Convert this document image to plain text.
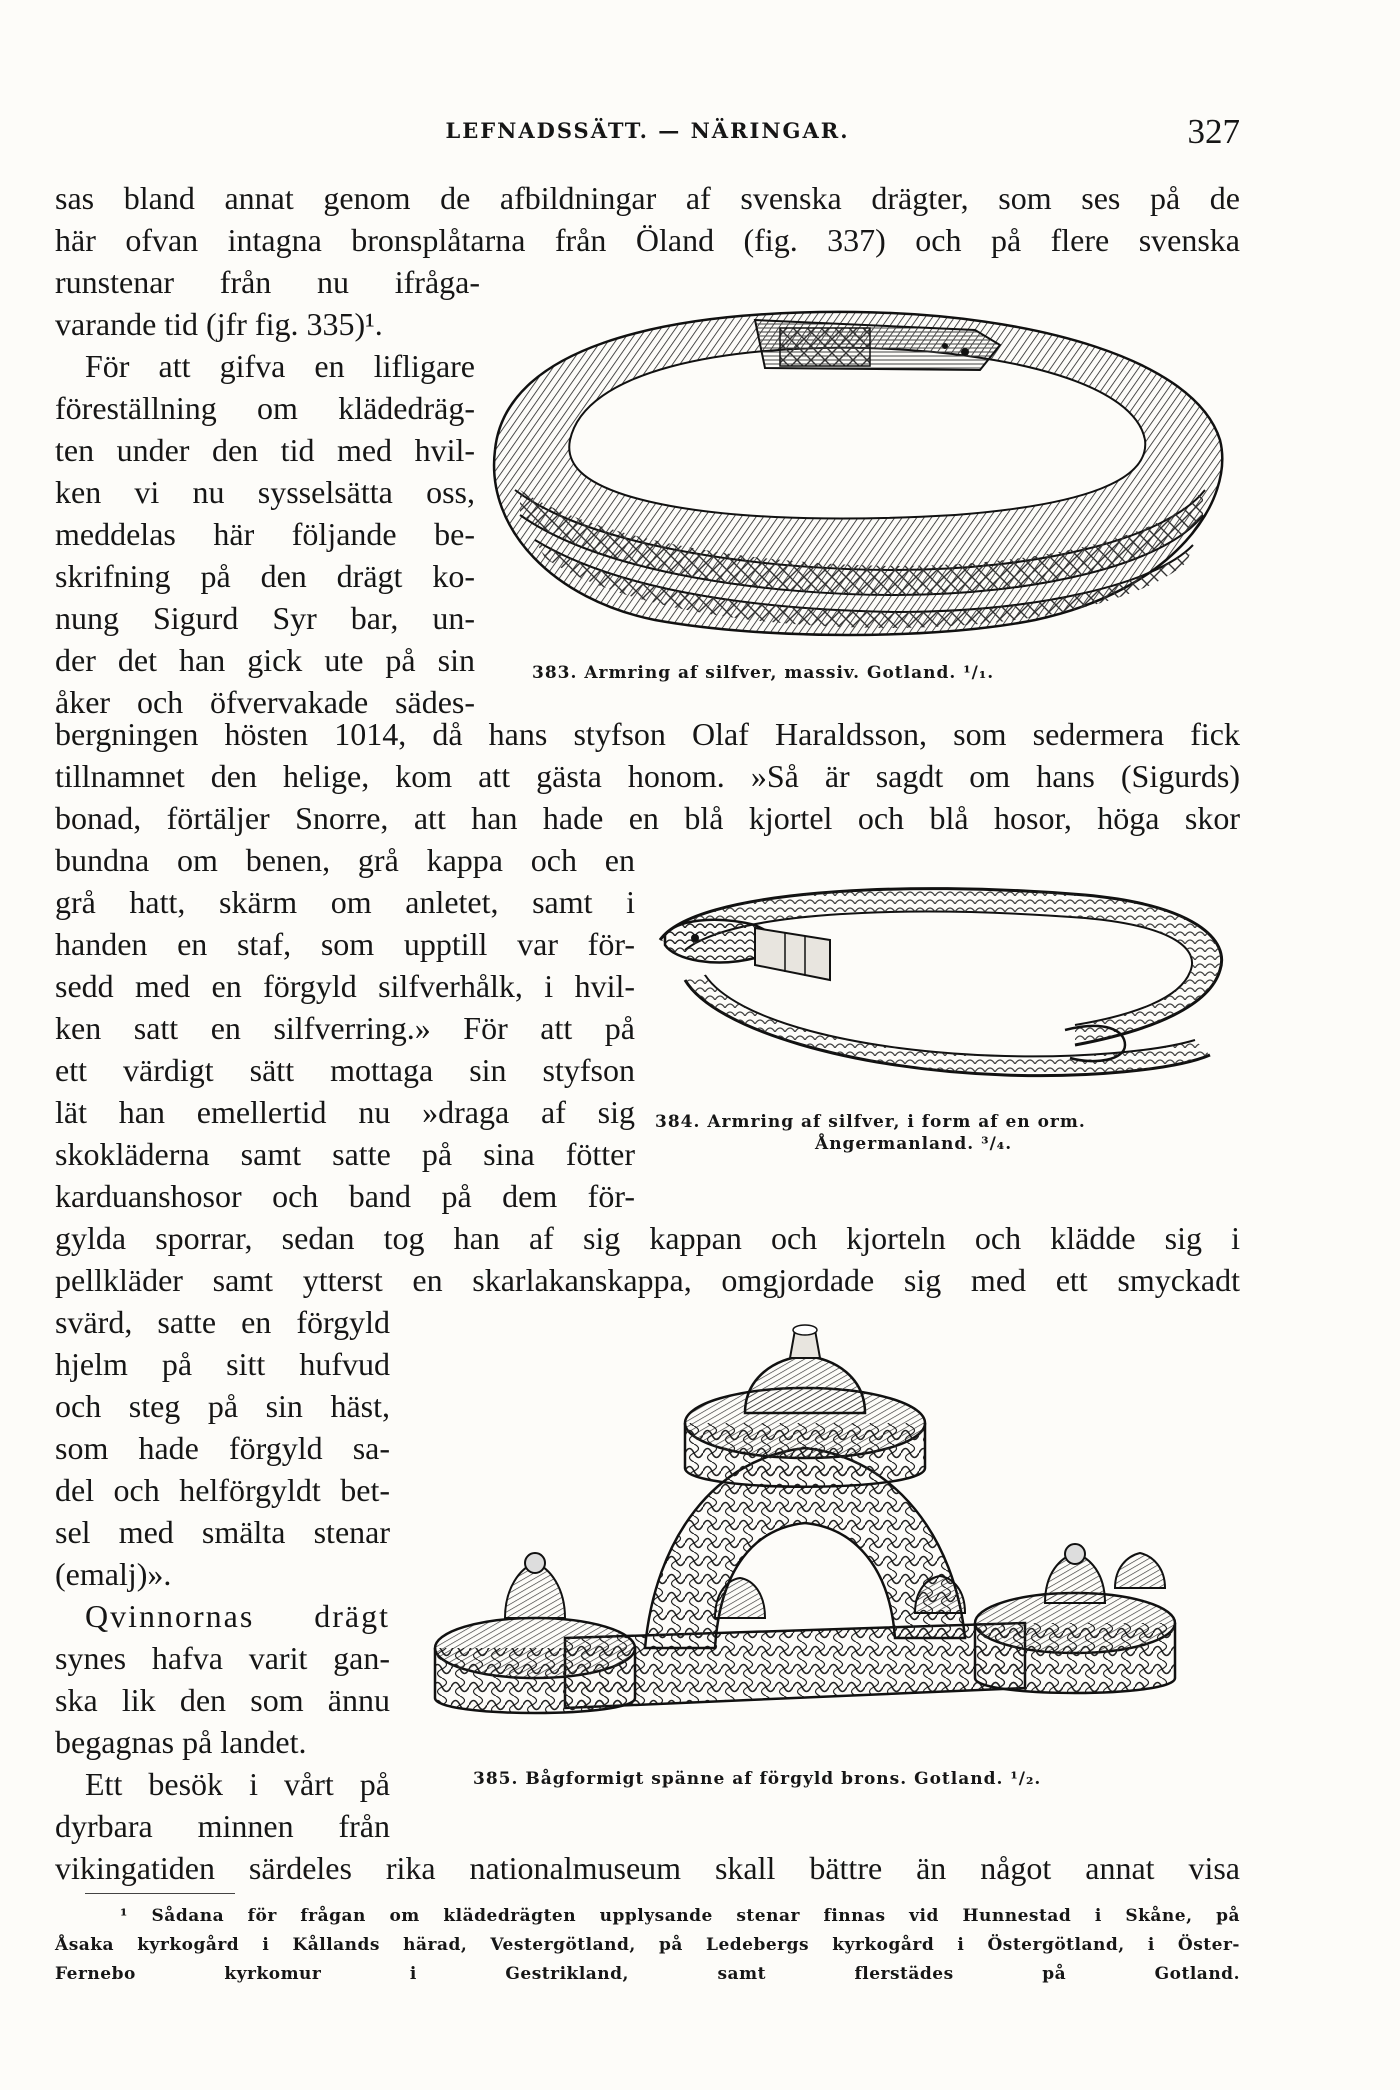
LEFNADSSÄTT. — NÄRINGAR.	327
sas bland annat genom de afbildningar af svenska drägter, som ses på de
här ofvan intagna bronsplåtarna från Öland (fig. 337) och på flere svenska
runstenar från nu ifråga-
varande tid (jfr fig. 335)¹.
För att gifva en lifligare
föreställning om klädedräg-
ten under den tid med hvil-
ken vi nu sysselsätta oss,
meddelas här följande be-
skrifning på den drägt ko-
nung Sigurd Syr bar, un-
der det han gick ute på sin
åker och öfvervakade sädes-
bergningen hösten 1014, då hans styfson Olaf Haraldsson, som sedermera fick
tillnamnet den helige, kom att gästa honom. »Så är sagdt om hans (Sigurds)
bonad, förtäljer Snorre, att han hade en blå kjortel och blå hosor, höga skor
bundna om benen, grå kappa och en
grå hatt, skärm om anletet, samt i
handen en staf, som upptill var för-
sedd med en förgyld silfverhålk, i hvil-
ken satt en silfverring.» För att på
ett värdigt sätt mottaga sin styfson
lät han emellertid nu »draga af sig
skokläderna samt satte på sina fötter
karduanshosor och band på dem för-
gylda sporrar, sedan tog han af sig kappan och kjorteln och klädde sig i
pellkläder samt ytterst en skarlakanskappa, omgjordade sig med ett smyckadt
svärd, satte en förgyld
hjelm på sitt hufvud
och steg på sin häst,
som hade förgyld sa-
del och helförgyldt bet-
sel med smälta stenar
(emalj)».
Qvinnornas drägt
synes hafva varit gan-
ska lik den som ännu
begagnas på landet.
Ett besök i vårt på
dyrbara minnen från
vikingatiden särdeles rika nationalmuseum skall bättre än något annat visa
383. Armring af silfver, massiv. Gotland. ¹/₁.
384. Armring af silfver, i form af en orm.
Ångermanland. ³/₄.
385. Bågformigt spänne af förgyld brons. Gotland. ¹/₂.
¹ Sådana för frågan om klädedrägten upplysande stenar finnas vid Hunnestad i Skåne, på
Åsaka kyrkogård i Kållands härad, Vestergötland, på Ledebergs kyrkogård i Östergötland, i Öster-
Fernebo kyrkomur i Gestrikland, samt flerstädes på Gotland.
